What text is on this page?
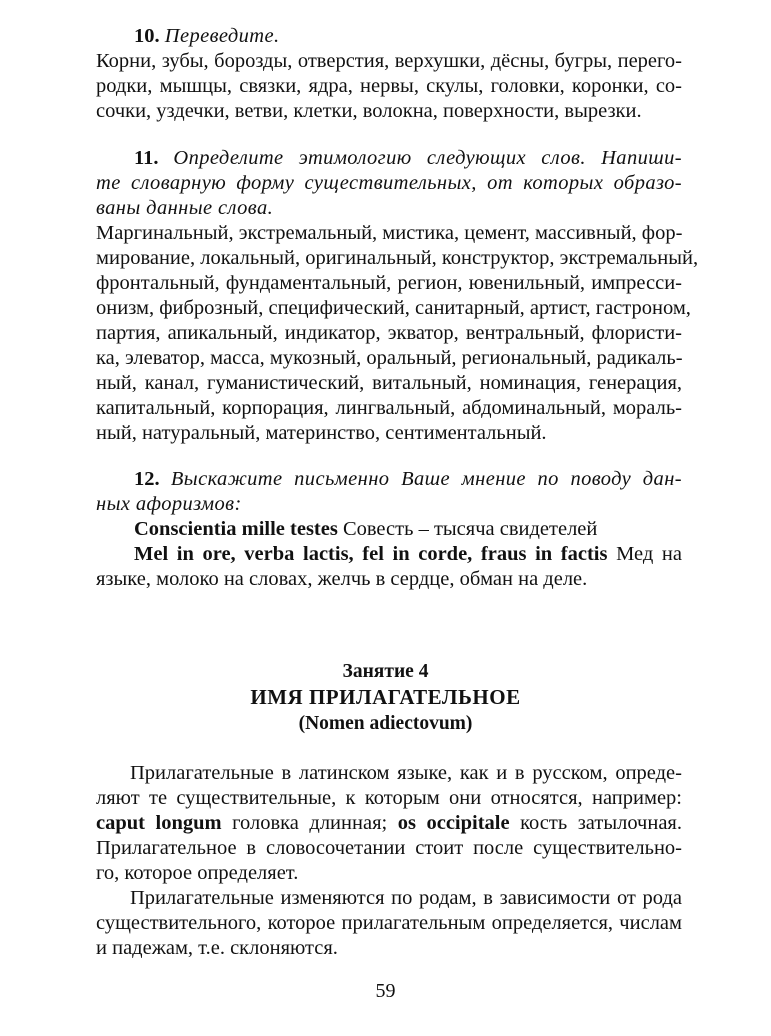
10. Переведите.
Корни, зубы, борозды, отверстия, верхушки, дёсны, бугры, перего-
родки, мышцы, связки, ядра, нервы, скулы, головки, коронки, со-
сочки, уздечки, ветви, клетки, волокна, поверхности, вырезки.
11. Определите этимологию следующих слов. Напиши-
те словарную форму существительных, от которых образо-
ваны данные слова.
Маргинальный, экстремальный, мистика, цемент, массивный, фор-
мирование, локальный, оригинальный, конструктор, экстремальный,
фронтальный, фундаментальный, регион, ювенильный, импресси-
онизм, фиброзный, специфический, санитарный, артист, гастроном,
партия, апикальный, индикатор, экватор, вентральный, флористи-
ка, элеватор, масса, мукозный, оральный, региональный, радикаль-
ный, канал, гуманистический, витальный, номинация, генерация,
капитальный, корпорация, лингвальный, абдоминальный, мораль-
ный, натуральный, материнство, сентиментальный.
12. Выскажите письменно Ваше мнение по поводу дан-
ных афоризмов:
Conscientia mille testes Совесть – тысяча свидетелей
Mel in ore, verba lactis, fel in corde, fraus in factis Мед на
языке, молоко на словах, желчь в сердце, обман на деле.
Занятие 4
ИМЯ ПРИЛАГАТЕЛЬНОЕ
(Nomen adiectovum)
Прилагательные в латинском языке, как и в русском, опреде-
ляют те существительные, к которым они относятся, например:
caput longum головка длинная; os occipitale кость затылочная.
Прилагательное в словосочетании стоит после существительно-
го, которое определяет.
Прилагательные изменяются по родам, в зависимости от рода
существительного, которое прилагательным определяется, числам
и падежам, т.е. склоняются.
59
